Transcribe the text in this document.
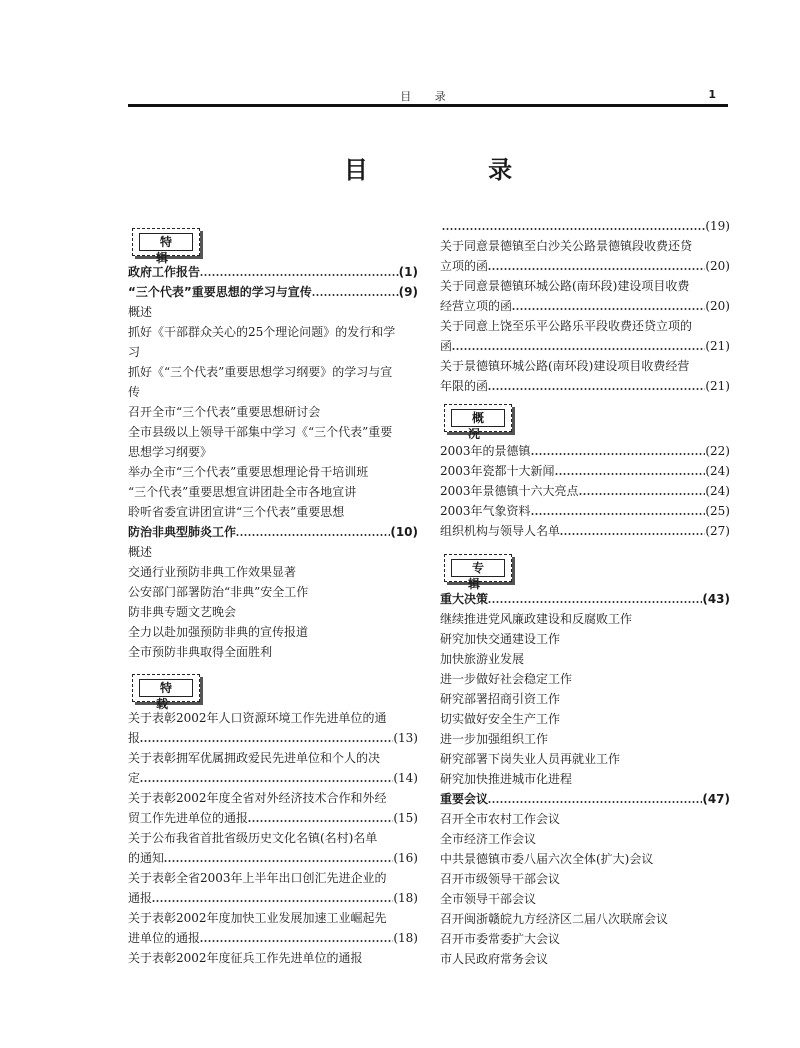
目 录	1
目 录
特 辑
政府工作报告	(1)
“三个代表”重要思想的学习与宣传	(9)
概述
抓好《干部群众关心的25个理论问题》的发行和学
习
抓好《“三个代表”重要思想学习纲要》的学习与宣
传
召开全市“三个代表”重要思想研讨会
全市县级以上领导干部集中学习《“三个代表”重要
思想学习纲要》
举办全市“三个代表”重要思想理论骨干培训班
“三个代表”重要思想宣讲团赴全市各地宣讲
聆听省委宣讲团宣讲“三个代表”重要思想
防治非典型肺炎工作	(10)
概述
交通行业预防非典工作效果显著
公安部门部署防治“非典”安全工作
防非典专题文艺晚会
全力以赴加强预防非典的宣传报道
全市预防非典取得全面胜利
特 载
关于表彰2002年人口资源环境工作先进单位的通
报	(13)
关于表彰拥军优属拥政爱民先进单位和个人的决
定	(14)
关于表彰2002年度全省对外经济技术合作和外经
贸工作先进单位的通报	(15)
关于公布我省首批省级历史文化名镇(名村)名单
的通知	(16)
关于表彰全省2003年上半年出口创汇先进企业的
通报	(18)
关于表彰2002年度加快工业发展加速工业崛起先
进单位的通报	(18)
关于表彰2002年度征兵工作先进单位的通报
(19)
关于同意景德镇至白沙关公路景德镇段收费还贷
立项的函	(20)
关于同意景德镇环城公路(南环段)建设项目收费
经营立项的函	(20)
关于同意上饶至乐平公路乐平段收费还贷立项的
函	(21)
关于景德镇环城公路(南环段)建设项目收费经营
年限的函	(21)
概 况
2003年的景德镇	(22)
2003年瓷都十大新闻	(24)
2003年景德镇十六大亮点	(24)
2003年气象资料	(25)
组织机构与领导人名单	(27)
专 辑
重大决策	(43)
继续推进党风廉政建设和反腐败工作
研究加快交通建设工作
加快旅游业发展
进一步做好社会稳定工作
研究部署招商引资工作
切实做好安全生产工作
进一步加强组织工作
研究部署下岗失业人员再就业工作
研究加快推进城市化进程
重要会议	(47)
召开全市农村工作会议
全市经济工作会议
中共景德镇市委八届六次全体(扩大)会议
召开市级领导干部会议
全市领导干部会议
召开闽浙赣皖九方经济区二届八次联席会议
召开市委常委扩大会议
市人民政府常务会议
